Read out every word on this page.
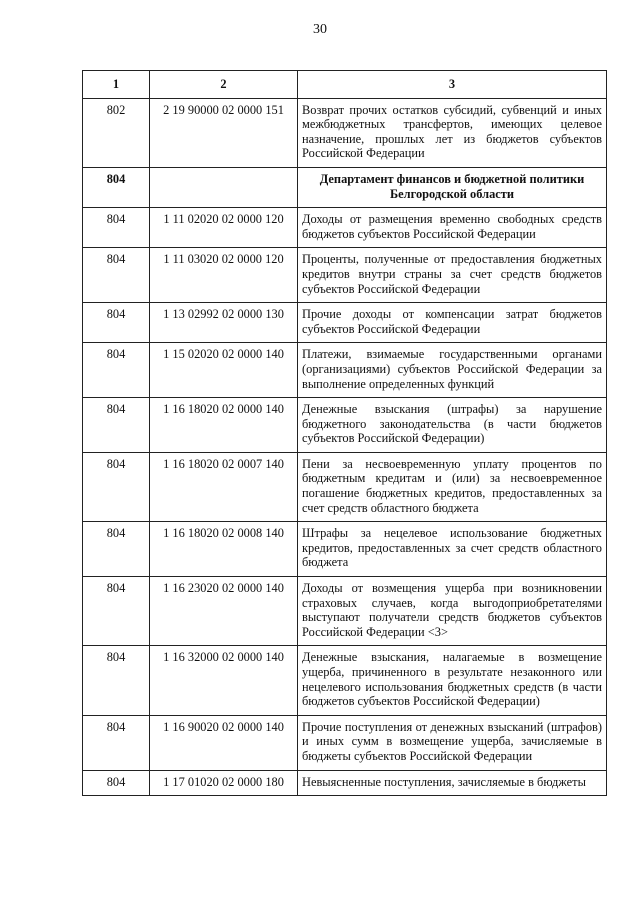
30
1	2	3
802	2 19 90000 02 0000 151	Возврат прочих остатков субсидий, субвенций и иных межбюджетных трансфертов, имеющих целевое назначение, прошлых лет из бюджетов субъектов Российской Федерации
804		Департамент финансов и бюджетной политики Белгородской области
804	1 11 02020 02 0000 120	Доходы от размещения временно свободных средств бюджетов субъектов Российской Федерации
804	1 11 03020 02 0000 120	Проценты, полученные от предоставления бюджетных кредитов внутри страны за счет средств бюджетов субъектов Российской Федерации
804	1 13 02992 02 0000 130	Прочие доходы от компенсации затрат бюджетов субъектов Российской Федерации
804	1 15 02020 02 0000 140	Платежи, взимаемые государственными органами (организациями) субъектов Российской Федерации за выполнение определенных функций
804	1 16 18020 02 0000 140	Денежные взыскания (штрафы) за нарушение бюджетного законодательства (в части бюджетов субъектов Российской Федерации)
804	1 16 18020 02 0007 140	Пени за несвоевременную уплату процентов по бюджетным кредитам и (или) за несвоевременное погашение бюджетных кредитов, предоставленных за счет средств областного бюджета
804	1 16 18020 02 0008 140	Штрафы за нецелевое использование бюджетных кредитов, предоставленных за счет средств областного бюджета
804	1 16 23020 02 0000 140	Доходы от возмещения ущерба при возникновении страховых случаев, когда выгодоприобретателями выступают получатели средств бюджетов субъектов Российской Федерации <3>
804	1 16 32000 02 0000 140	Денежные взыскания, налагаемые в возмещение ущерба, причиненного в результате незаконного или нецелевого использования бюджетных средств (в части бюджетов субъектов Российской Федерации)
804	1 16 90020 02 0000 140	Прочие поступления от денежных взысканий (штрафов) и иных сумм в возмещение ущерба, зачисляемые в бюджеты субъектов Российской Федерации
804	1 17 01020 02 0000 180	Невыясненные поступления, зачисляемые в бюджеты
